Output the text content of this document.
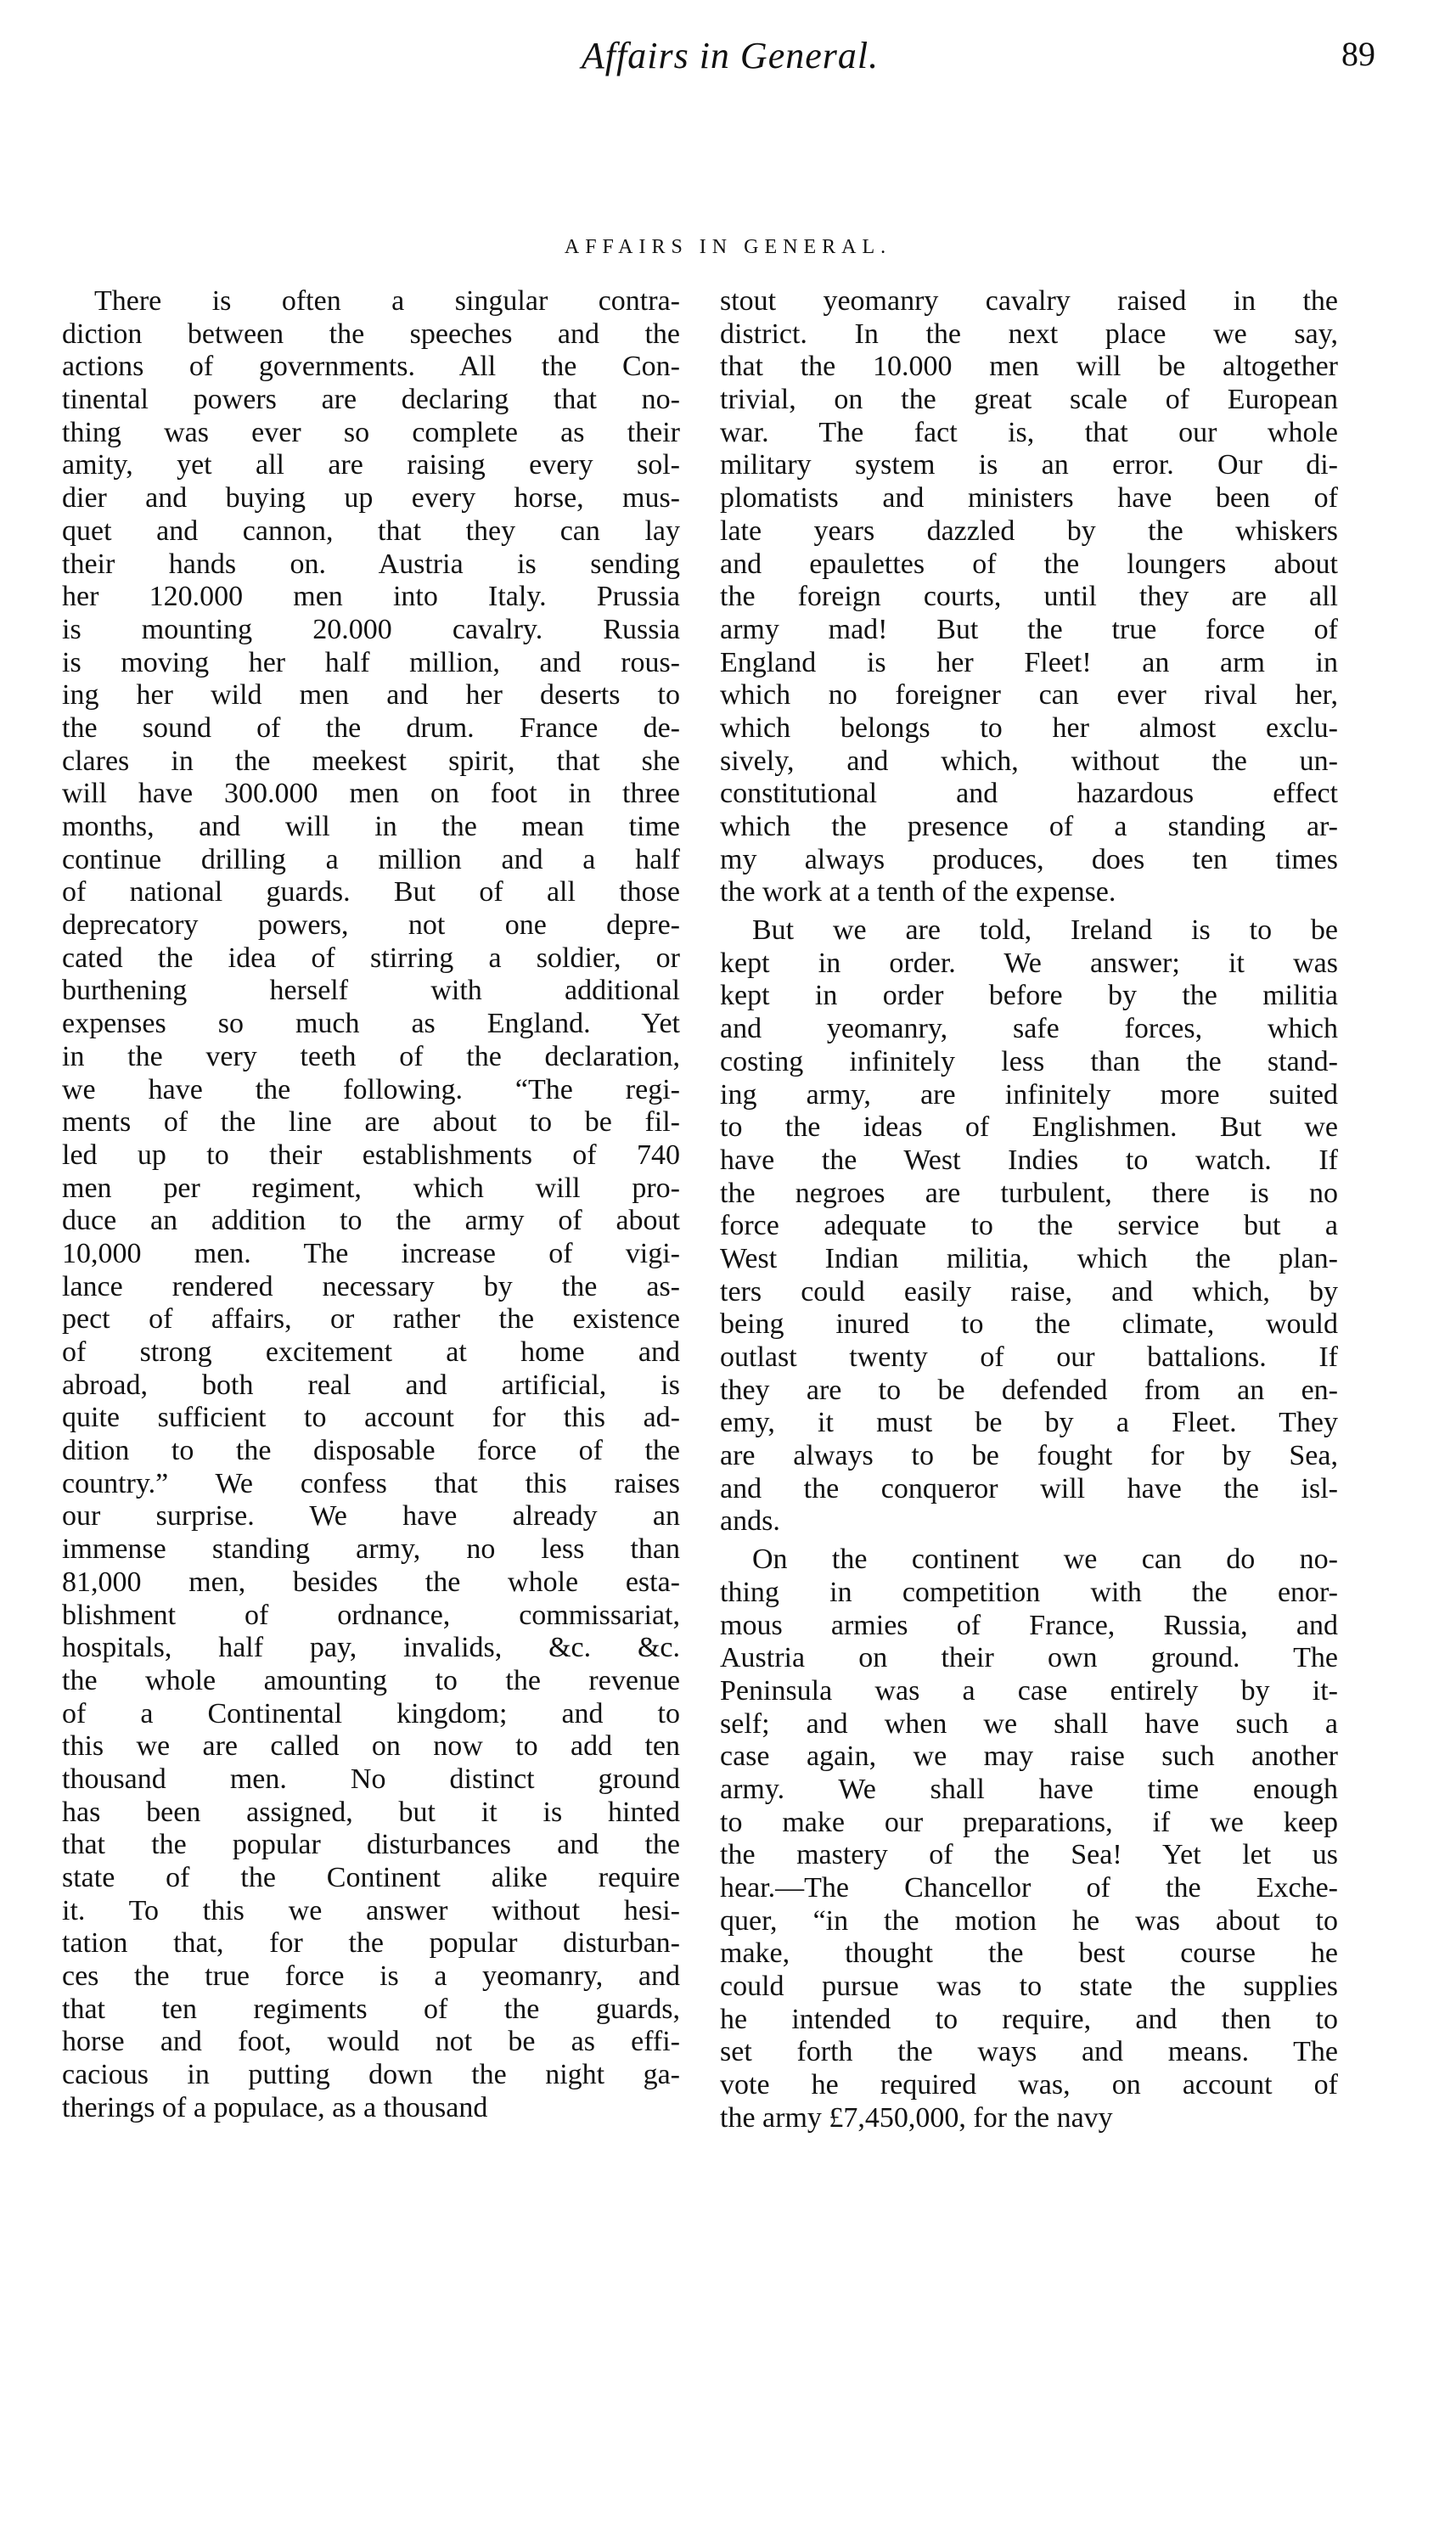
Affairs in General.	89
AFFAIRS IN GENERAL.
There is often a singular contra-
diction between the speeches and the
actions of governments. All the Con-
tinental powers are declaring that no-
thing was ever so complete as their
amity, yet all are raising every sol-
dier and buying up every horse, mus-
quet and cannon, that they can lay
their hands on. Austria is sending
her 120.000 men into Italy. Prussia
is mounting 20.000 cavalry. Russia
is moving her half million, and rous-
ing her wild men and her deserts to
the sound of the drum. France de-
clares in the meekest spirit, that she
will have 300.000 men on foot in three
months, and will in the mean time
continue drilling a million and a half
of national guards. But of all those
deprecatory powers, not one depre-
cated the idea of stirring a soldier, or
burthening herself with additional
expenses so much as England. Yet
in the very teeth of the declaration,
we have the following. “The regi-
ments of the line are about to be fil-
led up to their establishments of 740
men per regiment, which will pro-
duce an addition to the army of about
10,000 men. The increase of vigi-
lance rendered necessary by the as-
pect of affairs, or rather the existence
of strong excitement at home and
abroad, both real and artificial, is
quite sufficient to account for this ad-
dition to the disposable force of the
country.” We confess that this raises
our surprise. We have already an
immense standing army, no less than
81,000 men, besides the whole esta-
blishment of ordnance, commissariat,
hospitals, half pay, invalids, &c. &c.
the whole amounting to the revenue
of a Continental kingdom; and to
this we are called on now to add ten
thousand men. No distinct ground
has been assigned, but it is hinted
that the popular disturbances and the
state of the Continent alike require
it. To this we answer without hesi-
tation that, for the popular disturban-
ces the true force is a yeomanry, and
that ten regiments of the guards,
horse and foot, would not be as effi-
cacious in putting down the night ga-
therings of a populace, as a thousand
stout yeomanry cavalry raised in the
district. In the next place we say,
that the 10.000 men will be altogether
trivial, on the great scale of European
war. The fact is, that our whole
military system is an error. Our di-
plomatists and ministers have been of
late years dazzled by the whiskers
and epaulettes of the loungers about
the foreign courts, until they are all
army mad! But the true force of
England is her Fleet! an arm in
which no foreigner can ever rival her,
which belongs to her almost exclu-
sively, and which, without the un-
constitutional and hazardous effect
which the presence of a standing ar-
my always produces, does ten times
the work at a tenth of the expense.
But we are told, Ireland is to be
kept in order. We answer; it was
kept in order before by the militia
and yeomanry, safe forces, which
costing infinitely less than the stand-
ing army, are infinitely more suited
to the ideas of Englishmen. But we
have the West Indies to watch. If
the negroes are turbulent, there is no
force adequate to the service but a
West Indian militia, which the plan-
ters could easily raise, and which, by
being inured to the climate, would
outlast twenty of our battalions. If
they are to be defended from an en-
emy, it must be by a Fleet. They
are always to be fought for by Sea,
and the conqueror will have the isl-
ands.
On the continent we can do no-
thing in competition with the enor-
mous armies of France, Russia, and
Austria on their own ground. The
Peninsula was a case entirely by it-
self; and when we shall have such a
case again, we may raise such another
army. We shall have time enough
to make our preparations, if we keep
the mastery of the Sea! Yet let us
hear.—The Chancellor of the Exche-
quer, “in the motion he was about to
make, thought the best course he
could pursue was to state the supplies
he intended to require, and then to
set forth the ways and means. The
vote he required was, on account of
the army £7,450,000, for the navy
